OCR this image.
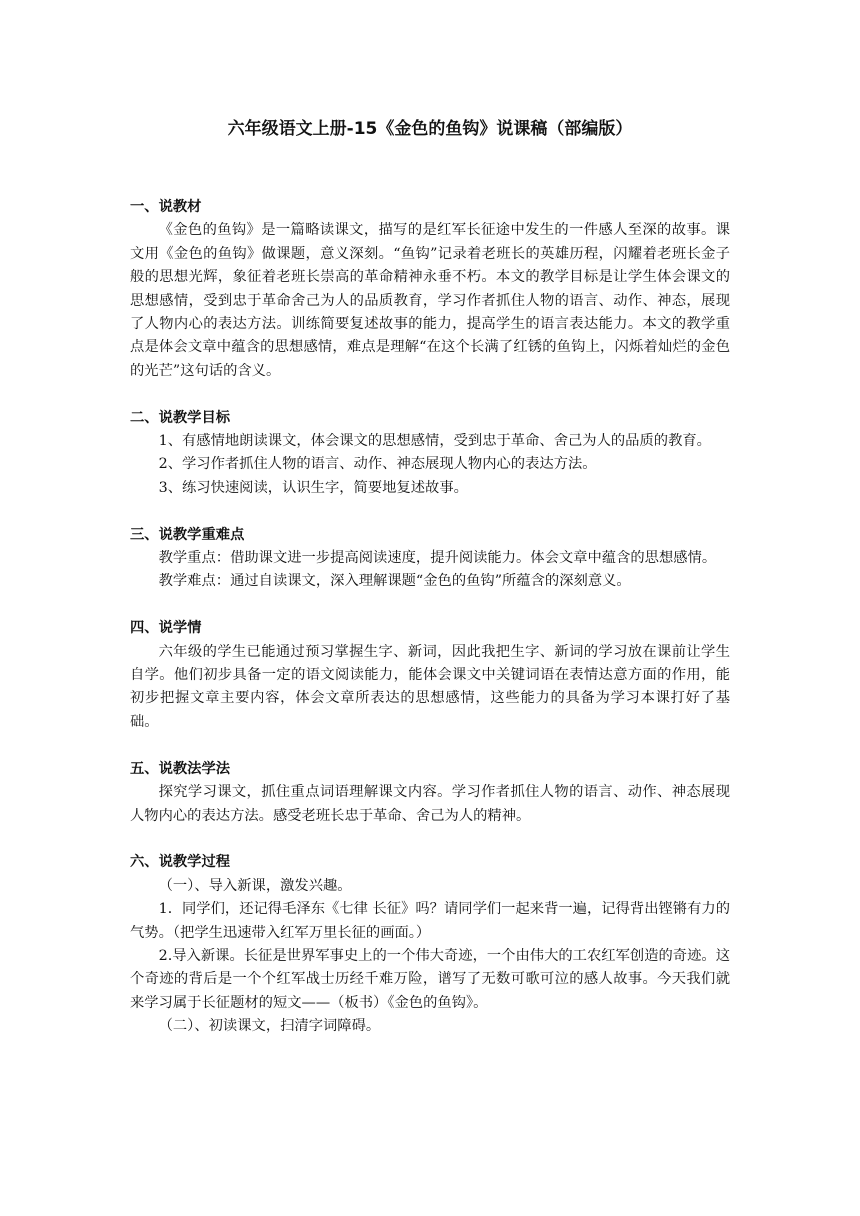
六年级语文上册-15《金色的鱼钩》说课稿（部编版）

一、说教材

《金色的鱼钩》是一篇略读课文，描写的是红军长征途中发生的一件感人至深的故事。课文用《金色的鱼钩》做课题，意义深刻。“鱼钩”记录着老班长的英雄历程，闪耀着老班长金子般的思想光辉，象征着老班长崇高的革命精神永垂不朽。本文的教学目标是让学生体会课文的思想感情，受到忠于革命舍己为人的品质教育，学习作者抓住人物的语言、动作、神态，展现了人物内心的表达方法。训练简要复述故事的能力，提高学生的语言表达能力。本文的教学重点是体会文章中蕴含的思想感情，难点是理解“在这个长满了红锈的鱼钩上，闪烁着灿烂的金色的光芒”这句话的含义。

二、说教学目标

1、有感情地朗读课文，体会课文的思想感情，受到忠于革命、舍己为人的品质的教育。

2、学习作者抓住人物的语言、动作、神态展现人物内心的表达方法。

3、练习快速阅读，认识生字，简要地复述故事。

三、说教学重难点

教学重点：借助课文进一步提高阅读速度，提升阅读能力。体会文章中蕴含的思想感情。

教学难点：通过自读课文，深入理解课题“金色的鱼钩”所蕴含的深刻意义。

四、说学情

六年级的学生已能通过预习掌握生字、新词，因此我把生字、新词的学习放在课前让学生自学。他们初步具备一定的语文阅读能力，能体会课文中关键词语在表情达意方面的作用，能初步把握文章主要内容，体会文章所表达的思想感情，这些能力的具备为学习本课打好了基础。

五、说教法学法

探究学习课文，抓住重点词语理解课文内容。学习作者抓住人物的语言、动作、神态展现人物内心的表达方法。感受老班长忠于革命、舍己为人的精神。

六、说教学过程

（一）、导入新课，激发兴趣。

1．同学们，还记得毛泽东《七律 长征》吗？请同学们一起来背一遍，记得背出铿锵有力的气势。（把学生迅速带入红军万里长征的画面。）

2.导入新课。长征是世界军事史上的一个伟大奇迹，一个由伟大的工农红军创造的奇迹。这个奇迹的背后是一个个红军战士历经千难万险，谱写了无数可歌可泣的感人故事。今天我们就来学习属于长征题材的短文——（板书）《金色的鱼钩》。

（二）、初读课文，扫清字词障碍。
